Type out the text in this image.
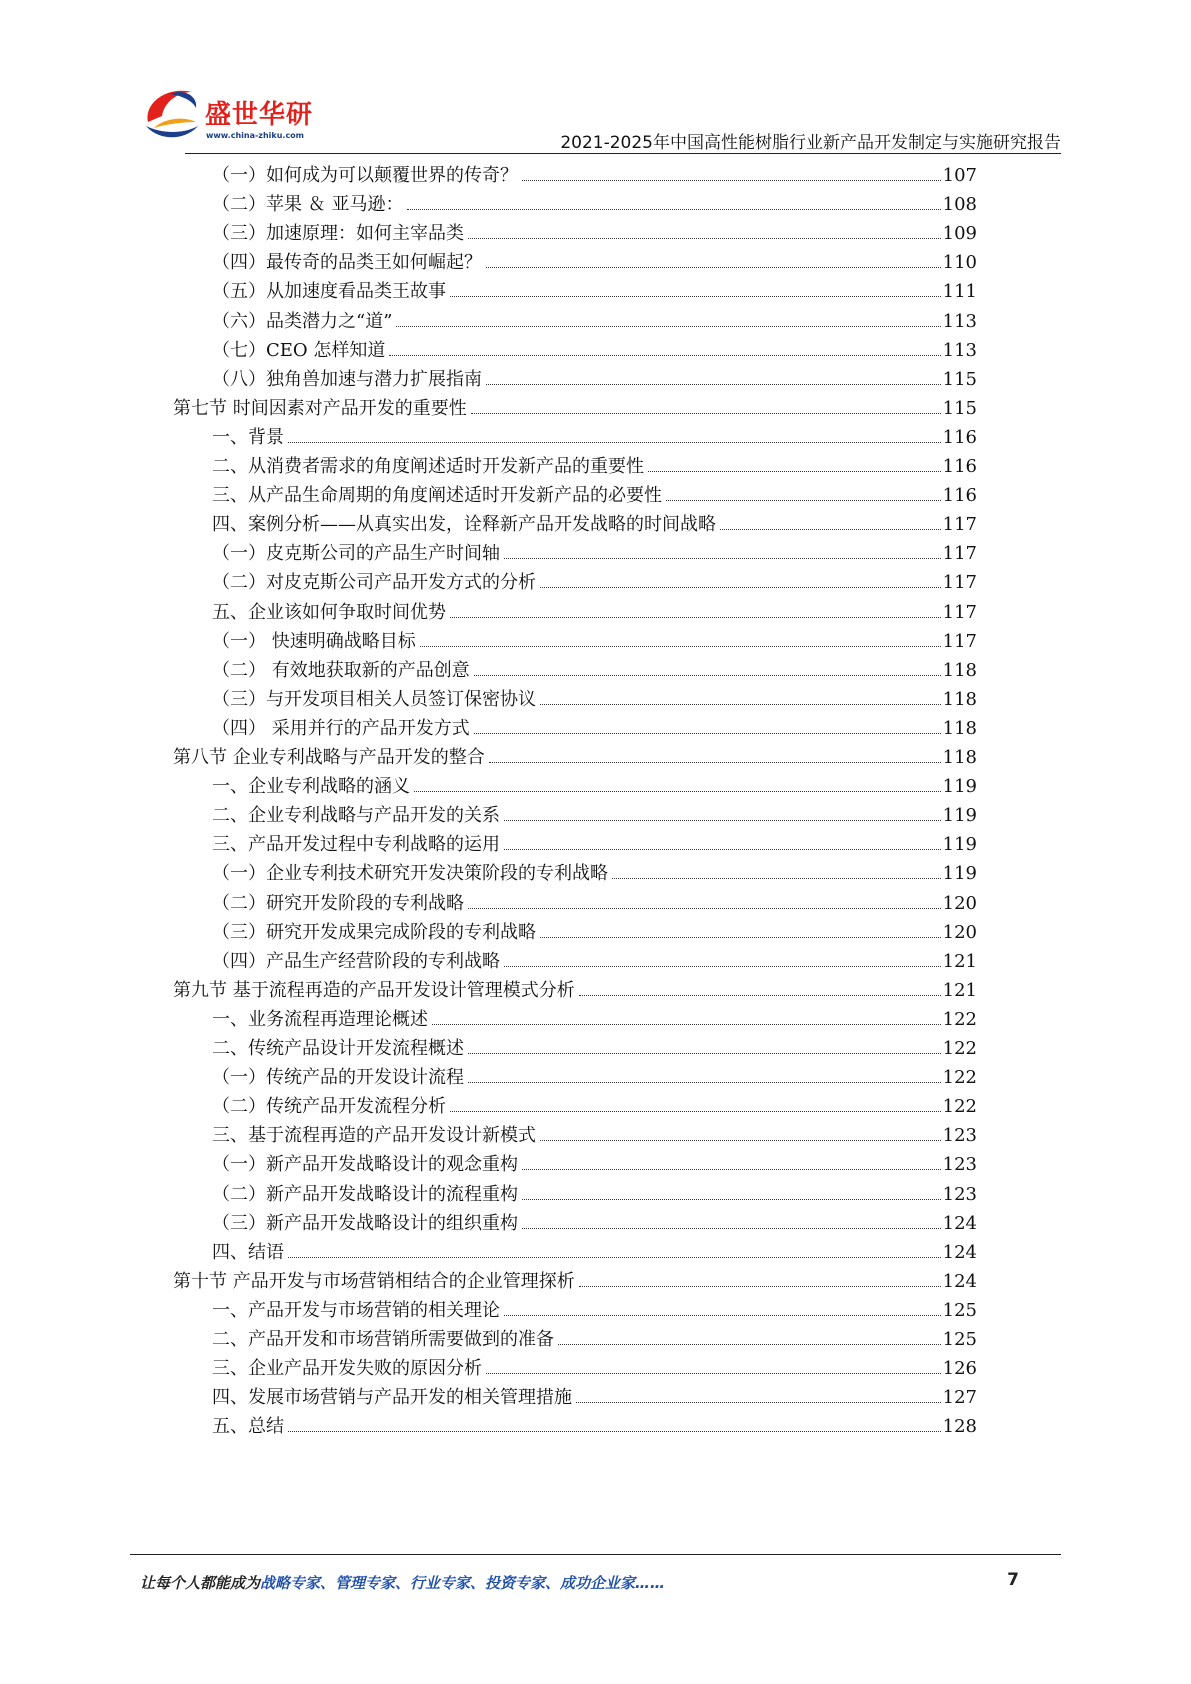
盛世华研
www.china-zhiku.com	2021-2025年中国高性能树脂行业新产品开发制定与实施研究报告
（一）如何成为可以颠覆世界的传奇？	107
（二）苹果 ＆ 亚马逊：	108
（三）加速原理：如何主宰品类	109
（四）最传奇的品类王如何崛起？	110
（五）从加速度看品类王故事	111
（六）品类潜力之“道”	113
（七）CEO 怎样知道	113
（八）独角兽加速与潜力扩展指南	115
第七节 时间因素对产品开发的重要性	115
一、背景	116
二、从消费者需求的角度阐述适时开发新产品的重要性	116
三、从产品生命周期的角度阐述适时开发新产品的必要性	116
四、案例分析——从真实出发，诠释新产品开发战略的时间战略	117
（一）皮克斯公司的产品生产时间轴	117
（二）对皮克斯公司产品开发方式的分析	117
五、企业该如何争取时间优势	117
（一） 快速明确战略目标	117
（二） 有效地获取新的产品创意	118
（三）与开发项目相关人员签订保密协议	118
（四） 采用并行的产品开发方式	118
第八节 企业专利战略与产品开发的整合	118
一、企业专利战略的涵义	119
二、企业专利战略与产品开发的关系	119
三、产品开发过程中专利战略的运用	119
（一）企业专利技术研究开发决策阶段的专利战略	119
（二）研究开发阶段的专利战略	120
（三）研究开发成果完成阶段的专利战略	120
（四）产品生产经营阶段的专利战略	121
第九节 基于流程再造的产品开发设计管理模式分析	121
一、业务流程再造理论概述	122
二、传统产品设计开发流程概述	122
（一）传统产品的开发设计流程	122
（二）传统产品开发流程分析	122
三、基于流程再造的产品开发设计新模式	123
（一）新产品开发战略设计的观念重构	123
（二）新产品开发战略设计的流程重构	123
（三）新产品开发战略设计的组织重构	124
四、结语	124
第十节 产品开发与市场营销相结合的企业管理探析	124
一、产品开发与市场营销的相关理论	125
二、产品开发和市场营销所需要做到的准备	125
三、企业产品开发失败的原因分析	126
四、发展市场营销与产品开发的相关管理措施	127
五、总结	128
让每个人都能成为战略专家、管理专家、行业专家、投资专家、成功企业家……	7
